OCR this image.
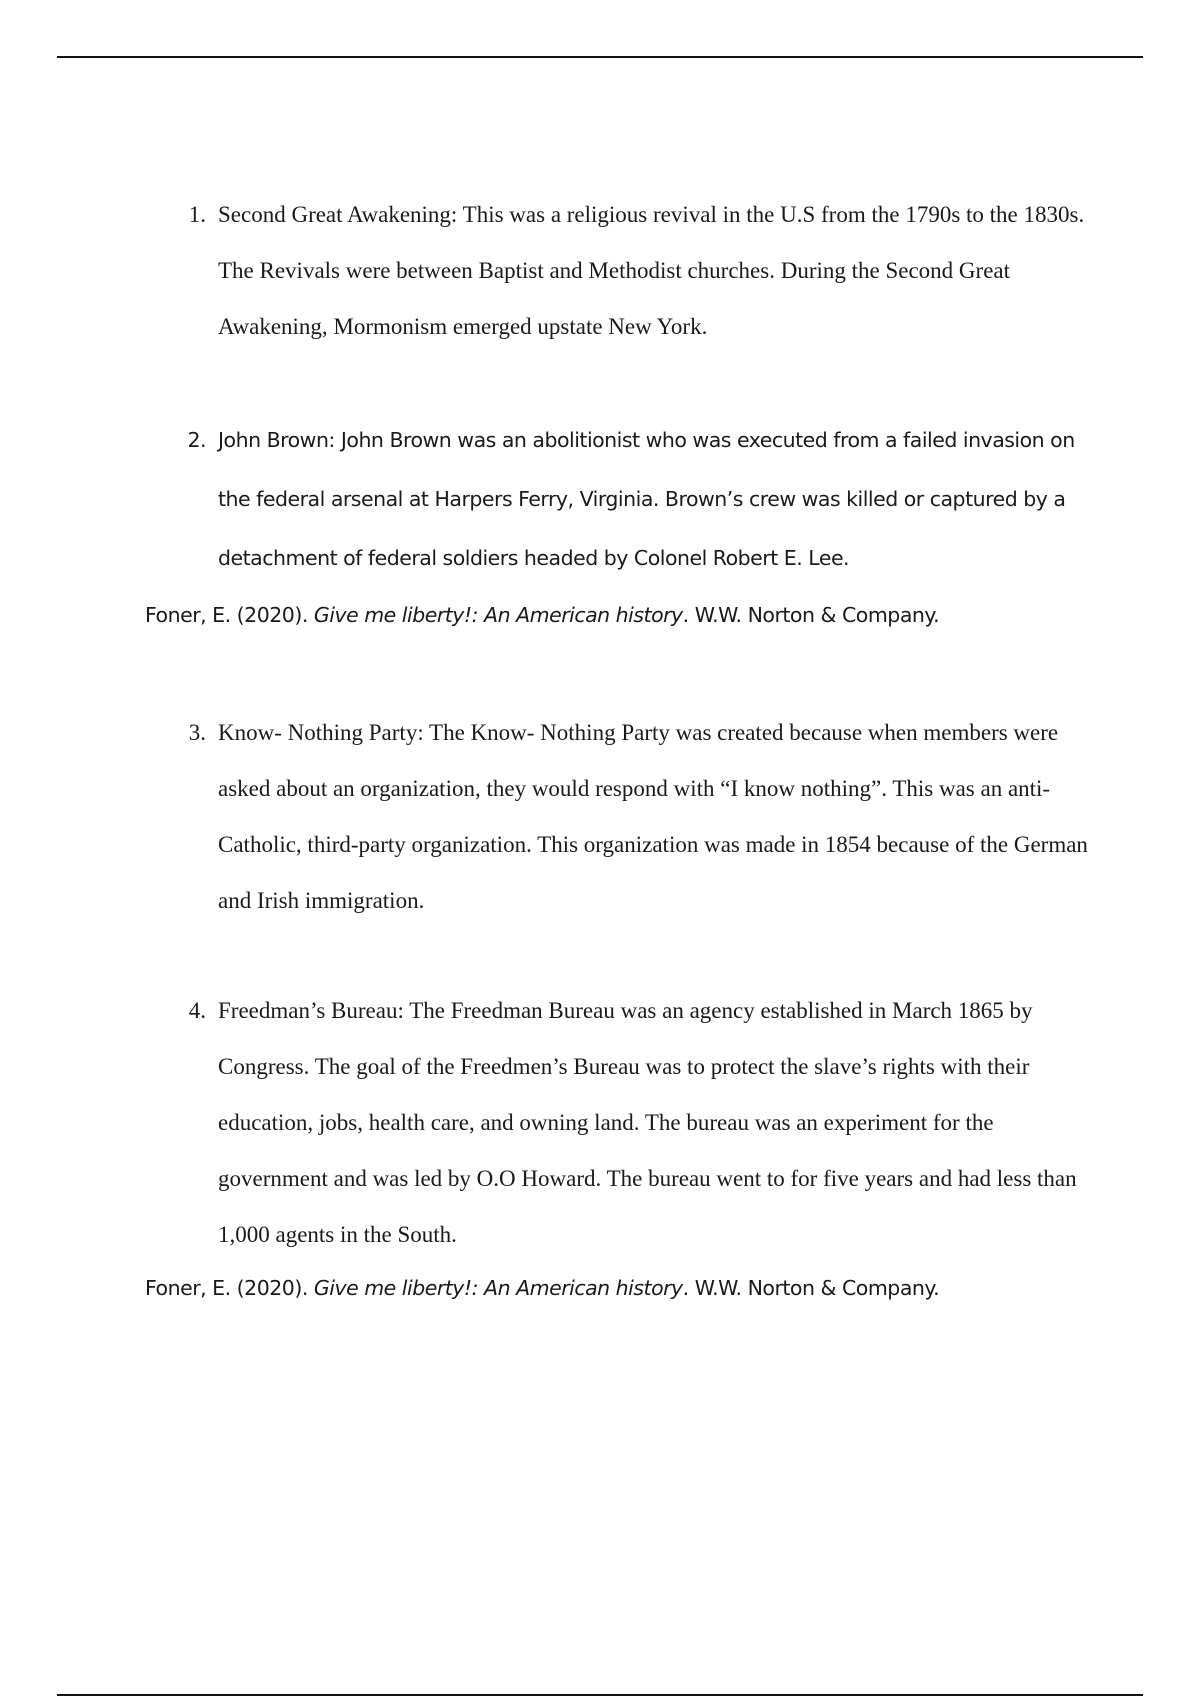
1. Second Great Awakening: This was a religious revival in the U.S from the 1790s to the 1830s. The Revivals were between Baptist and Methodist churches. During the Second Great Awakening, Mormonism emerged upstate New York.
2. John Brown: John Brown was an abolitionist who was executed from a failed invasion on the federal arsenal at Harpers Ferry, Virginia. Brown’s crew was killed or captured by a detachment of federal soldiers headed by Colonel Robert E. Lee.
Foner, E. (2020). Give me liberty!: An American history. W.W. Norton & Company.
3. Know- Nothing Party: The Know- Nothing Party was created because when members were asked about an organization, they would respond with “I know nothing”. This was an anti-Catholic, third-party organization. This organization was made in 1854 because of the German and Irish immigration.
4. Freedman’s Bureau: The Freedman Bureau was an agency established in March 1865 by Congress. The goal of the Freedmen’s Bureau was to protect the slave’s rights with their education, jobs, health care, and owning land. The bureau was an experiment for the government and was led by O.O Howard. The bureau went to for five years and had less than 1,000 agents in the South.
Foner, E. (2020). Give me liberty!: An American history. W.W. Norton & Company.
